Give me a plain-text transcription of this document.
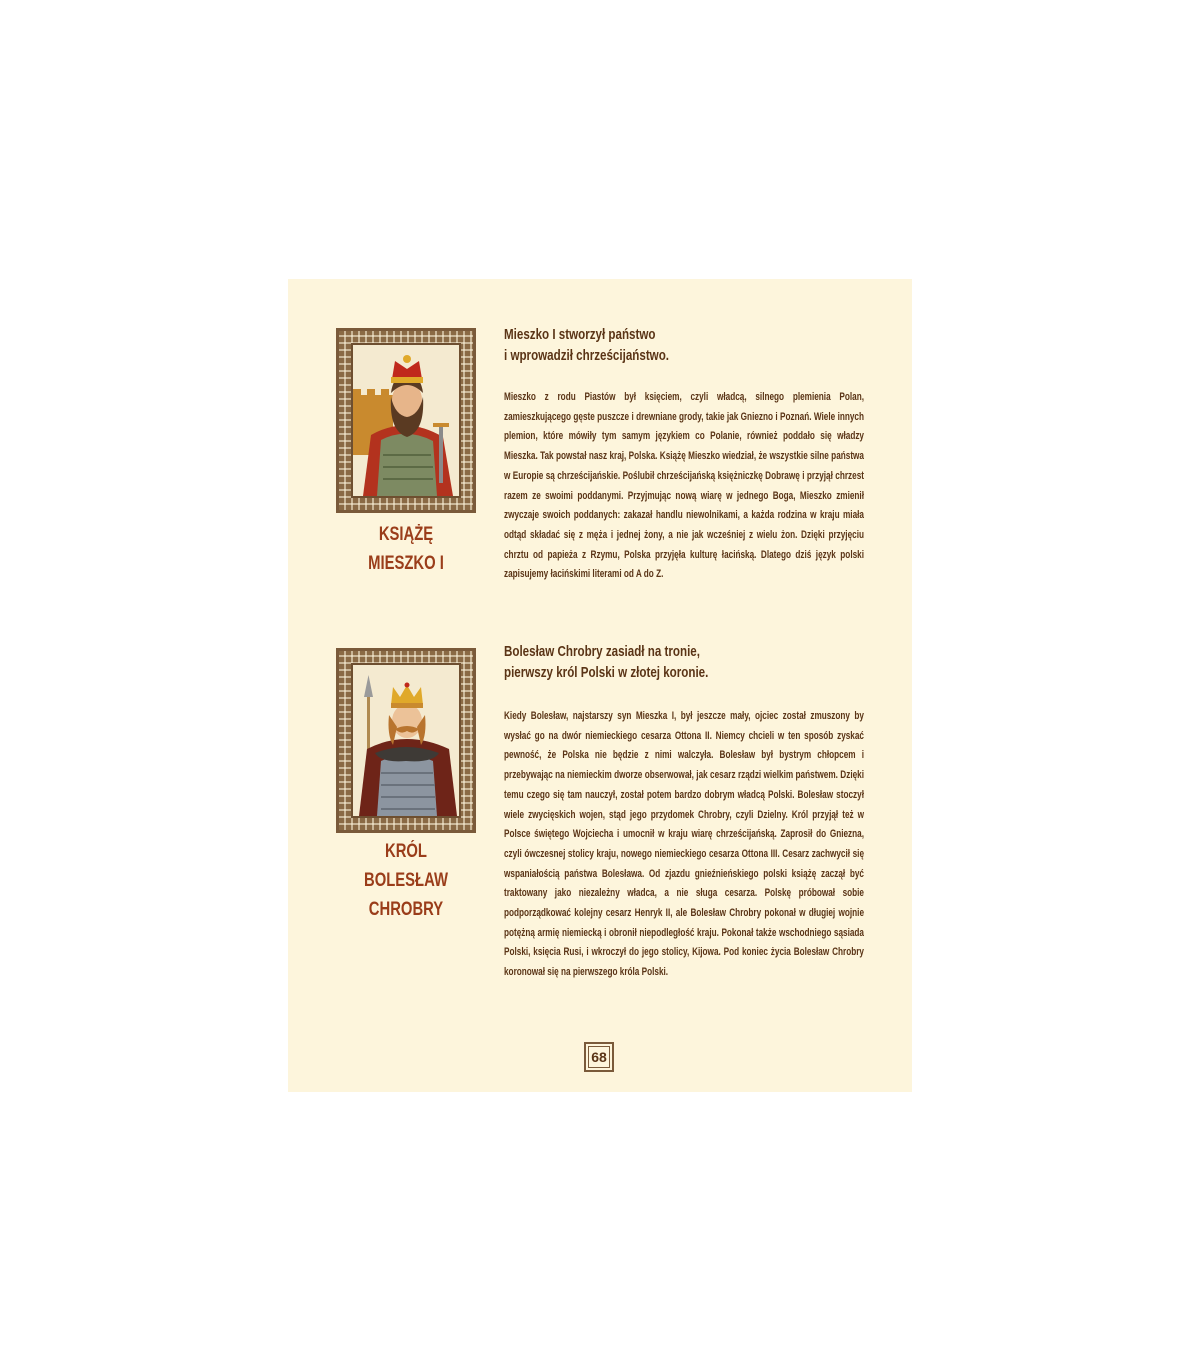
KSIĄŻĘ
MIESZKO I
Mieszko I stworzył państwo
i wprowadził chrześcijaństwo.
Mieszko z rodu Piastów był księciem, czyli władcą, silnego plemienia Polan, zamieszkującego gęste puszcze i drewniane grody, takie jak Gniezno i Poznań. Wiele innych plemion, które mówiły tym samym językiem co Polanie, również poddało się władzy Mieszka. Tak powstał nasz kraj, Polska. Książę Mieszko wiedział, że wszystkie silne państwa w Europie są chrześcijańskie. Poślubił chrześcijańską księżniczkę Dobrawę i przyjął chrzest razem ze swoimi poddanymi. Przyjmując nową wiarę w jednego Boga, Mieszko zmienił zwyczaje swoich poddanych: zakazał handlu niewolnikami, a każda rodzina w kraju miała odtąd składać się z męża i jednej żony, a nie jak wcześniej z wielu żon. Dzięki przyjęciu chrztu od papieża z Rzymu, Polska przyjęła kulturę łacińską. Dlatego dziś język polski zapisujemy łacińskimi literami od A do Z.
KRÓL
BOLESŁAW
CHROBRY
Bolesław Chrobry zasiadł na tronie,
pierwszy król Polski w złotej koronie.
Kiedy Bolesław, najstarszy syn Mieszka I, był jeszcze mały, ojciec został zmuszony by wysłać go na dwór niemieckiego cesarza Ottona II. Niemcy chcieli w ten sposób zyskać pewność, że Polska nie będzie z nimi walczyła. Bolesław był bystrym chłopcem i przebywając na niemieckim dworze obserwował, jak cesarz rządzi wielkim państwem. Dzięki temu czego się tam nauczył, został potem bardzo dobrym władcą Polski. Bolesław stoczył wiele zwycięskich wojen, stąd jego przydomek Chrobry, czyli Dzielny. Król przyjął też w Polsce świętego Wojciecha i umocnił w kraju wiarę chrześcijańską. Zaprosił do Gniezna, czyli ówczesnej stolicy kraju, nowego niemieckiego cesarza Ottona III. Cesarz zachwycił się wspaniałością państwa Bolesława. Od zjazdu gnieźnieńskiego polski książę zaczął być traktowany jako niezależny władca, a nie sługa cesarza. Polskę próbował sobie podporządkować kolejny cesarz Henryk II, ale Bolesław Chrobry pokonał w długiej wojnie potężną armię niemiecką i obronił niepodległość kraju. Pokonał także wschodniego sąsiada Polski, księcia Rusi, i wkroczył do jego stolicy, Kijowa. Pod koniec życia Bolesław Chrobry koronował się na pierwszego króla Polski.
68
